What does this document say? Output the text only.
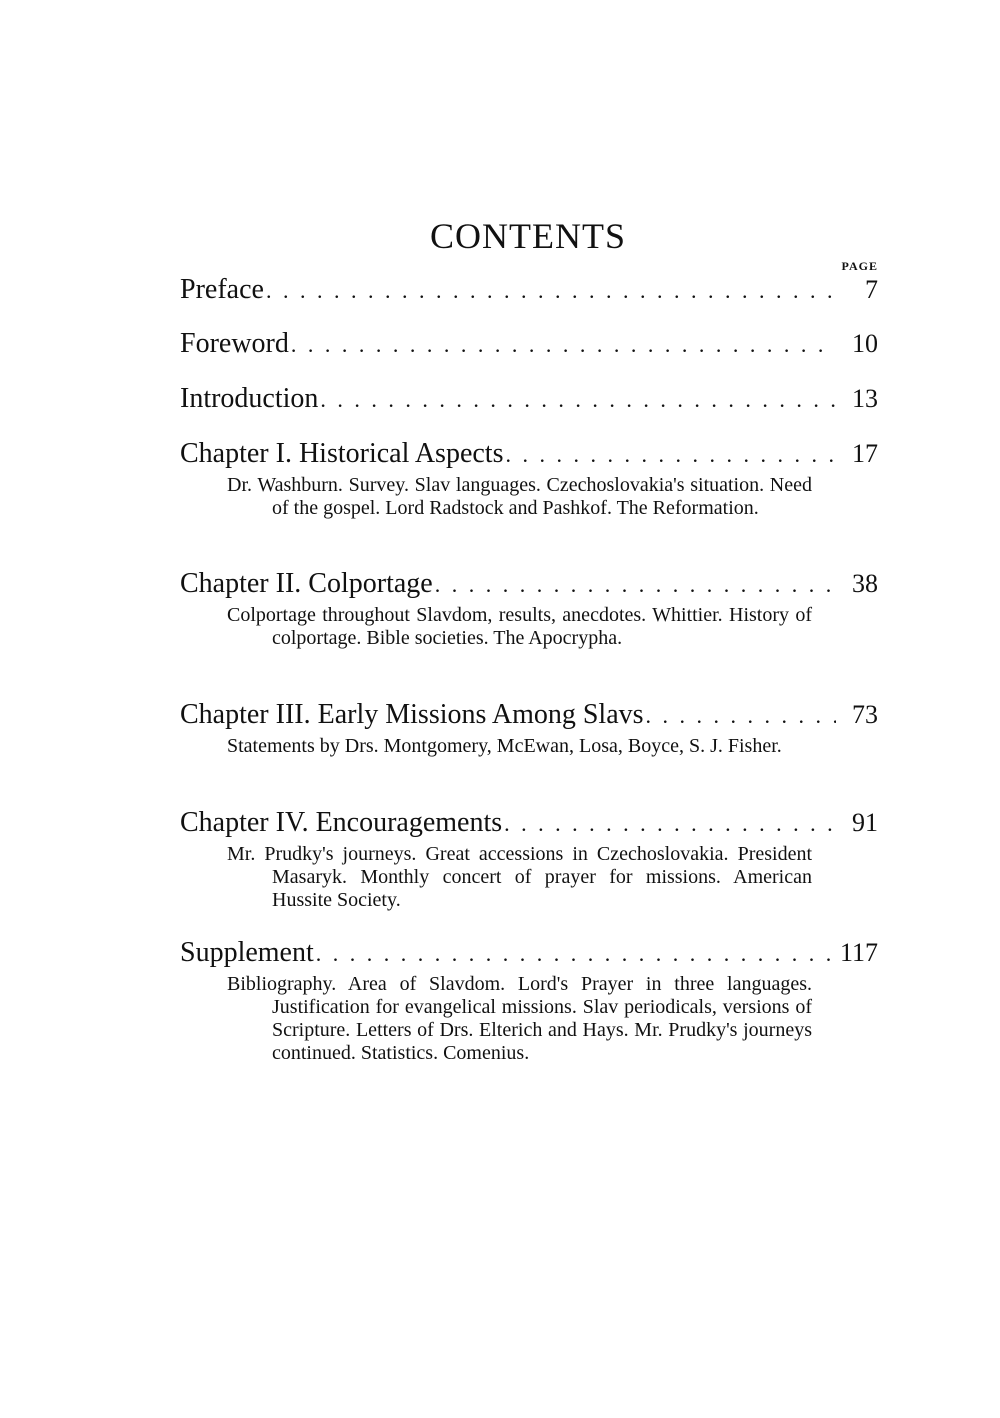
CONTENTS
PAGE
Preface . . .	7
Foreword . . .	10
Introduction . . .	13
Chapter I. Historical Aspects . . .	17

Dr. Washburn. Survey. Slav languages. Czechoslovakia's situation. Need of the gospel. Lord Radstock and Pashkof. The Reformation.

Chapter II. Colportage . . .	38

Colportage throughout Slavdom, results, anecdotes. Whittier. History of colportage. Bible societies. The Apocrypha.

Chapter III. Early Missions Among Slavs . . .	73

Statements by Drs. Montgomery, McEwan, Losa, Boyce, S. J. Fisher.

Chapter IV. Encouragements . . .	91

Mr. Prudky's journeys. Great accessions in Czechoslovakia. President Masaryk. Monthly concert of prayer for missions. American Hussite Society.

Supplement . . .	117

Bibliography. Area of Slavdom. Lord's Prayer in three languages. Justification for evangelical missions. Slav periodicals, versions of Scripture. Letters of Drs. Elterich and Hays. Mr. Prudky's journeys continued. Statistics. Comenius.
